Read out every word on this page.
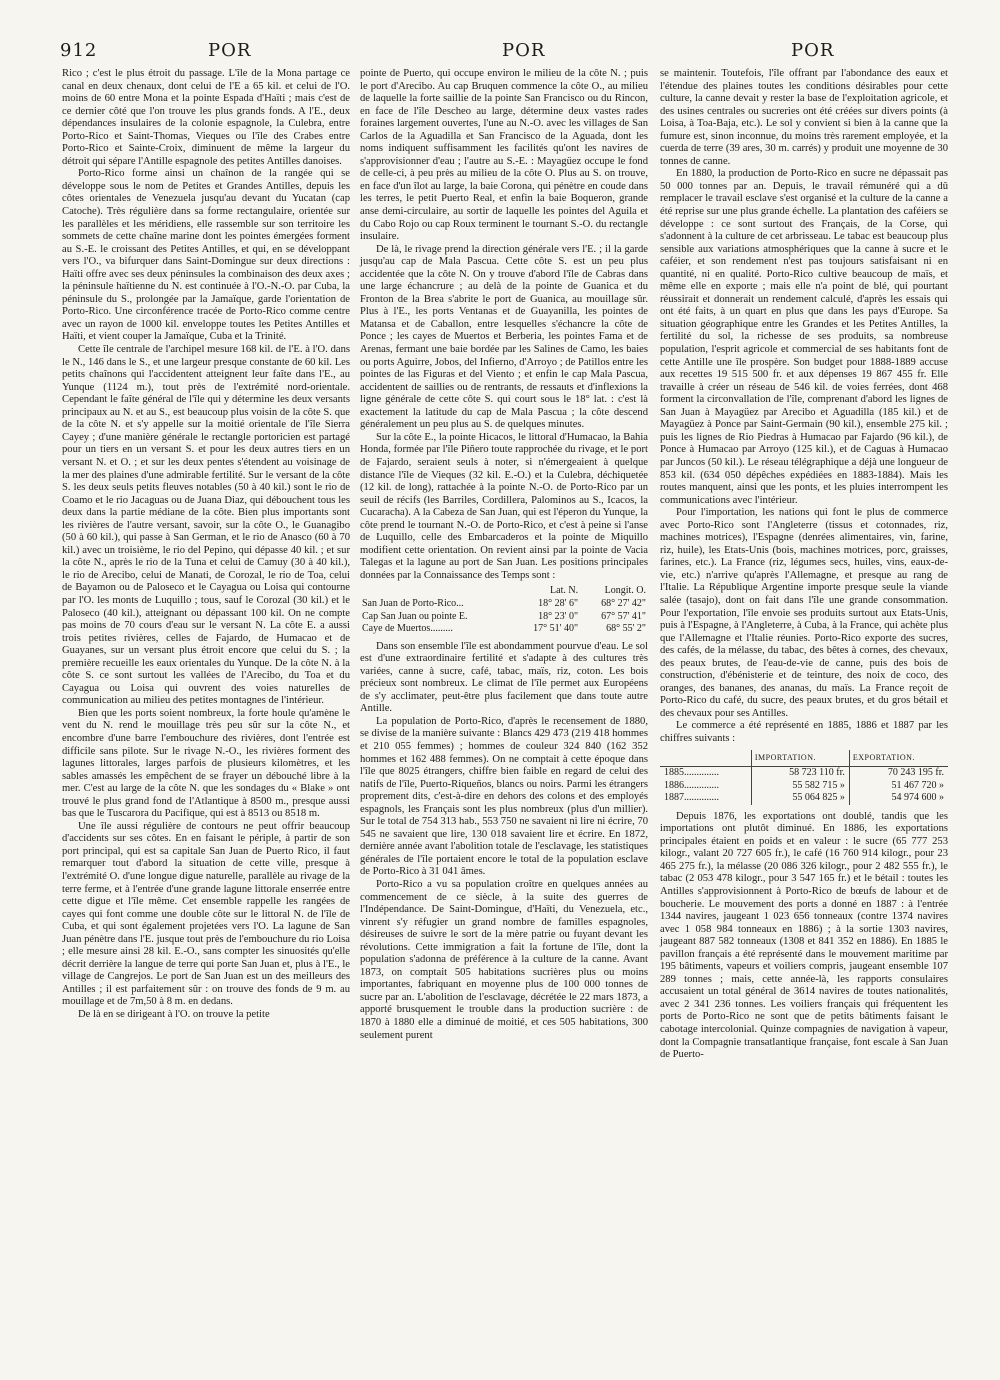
912	POR	POR	POR

Rico ; c'est le plus étroit du passage. L'île de la Mona partage ce canal en deux chenaux, dont celui de l'E a 65 kil. et celui de l'O. moins de 60 entre Mona et la pointe Espada d'Haïti ; mais c'est de ce dernier côté que l'on trouve les plus grands fonds. A l'E., deux dépendances insulaires de la colonie espagnole, la Culebra, entre Porto-Rico et Saint-Thomas, Vieques ou l'île des Crabes entre Porto-Rico et Sainte-Croix, diminuent de même la largeur du détroit qui sépare l'Antille espagnole des petites Antilles danoises.

Porto-Rico forme ainsi un chaînon de la rangée qui se développe sous le nom de Petites et Grandes Antilles, depuis les côtes orientales de Venezuela jusqu'au devant du Yucatan (cap Catoche). Très régulière dans sa forme rectangulaire, orientée sur les parallèles et les méridiens, elle rassemble sur son territoire les sommets de cette chaîne marine dont les pointes émergées forment au S.-E. le croissant des Petites Antilles, et qui, en se développant vers l'O., va bifurquer dans Saint-Domingue sur deux directions : Haïti offre avec ses deux péninsules la combinaison des deux axes ; la péninsule haïtienne du N. est continuée à l'O.-N.-O. par Cuba, la péninsule du S., prolongée par la Jamaïque, garde l'orientation de Porto-Rico. Une circonférence tracée de Porto-Rico comme centre avec un rayon de 1000 kil. enveloppe toutes les Petites Antilles et Haïti, et vient couper la Jamaïque, Cuba et la Trinité.

Cette île centrale de l'archipel mesure 168 kil. de l'E. à l'O. dans le N., 146 dans le S., et une largeur presque constante de 60 kil. Les petits chaînons qui l'accidentent atteignent leur faîte dans l'E., au Yunque (1124 m.), tout près de l'extrémité nord-orientale. Cependant le faîte général de l'île qui y détermine les deux versants principaux au N. et au S., est beaucoup plus voisin de la côte S. que de la côte N. et s'y appelle sur la moitié orientale de l'île Sierra Cayey ; d'une manière générale le rectangle portoricien est partagé pour un tiers en un versant S. et pour les deux autres tiers en un versant N. et O. ; et sur les deux pentes s'étendent au voisinage de la mer des plaines d'une admirable fertilité. Sur le versant de la côte S. les deux seuls petits fleuves notables (50 à 40 kil.) sont le rio de Coamo et le rio Jacaguas ou de Juana Diaz, qui débouchent tous les deux dans la partie médiane de la côte. Bien plus importants sont les rivières de l'autre versant, savoir, sur la côte O., le Guanagibo (50 à 60 kil.), qui passe à San German, et le rio de Anasco (60 à 70 kil.) avec un troisième, le rio del Pepino, qui dépasse 40 kil. ; et sur la côte N., après le rio de la Tuna et celui de Camuy (30 à 40 kil.), le rio de Arecibo, celui de Manati, de Corozal, le rio de Toa, celui de Bayamon ou de Paloseco et le Cayagua ou Loisa qui contourne par l'O. les monts de Luquillo ; tous, sauf le Corozal (30 kil.) et le Paloseco (40 kil.), atteignant ou dépassant 100 kil. On ne compte pas moins de 70 cours d'eau sur le versant N. La côte E. a aussi trois petites rivières, celles de Fajardo, de Humacao et de Guayanes, sur un versant plus étroit encore que celui du S. ; la première recueille les eaux orientales du Yunque. De la côte N. à la côte S. ce sont surtout les vallées de l'Arecibo, du Toa et du Cayagua ou Loisa qui ouvrent des voies naturelles de communication au milieu des petites montagnes de l'intérieur.

Bien que les ports soient nombreux, la forte houle qu'amène le vent du N. rend le mouillage très peu sûr sur la côte N., et encombre d'une barre l'embouchure des rivières, dont l'entrée est difficile sans pilote. Sur le rivage N.-O., les rivières forment des lagunes littorales, larges parfois de plusieurs kilomètres, et les sables amassés les empêchent de se frayer un débouché libre à la mer. C'est au large de la côte N. que les sondages du « Blake » ont trouvé le plus grand fond de l'Atlantique à 8500 m., presque aussi bas que le Tuscarora du Pacifique, qui est à 8513 ou 8518 m.

Une île aussi régulière de contours ne peut offrir beaucoup d'accidents sur ses côtes. En en faisant le périple, à partir de son port principal, qui est sa capitale San Juan de Puerto Rico, il faut remarquer tout d'abord la situation de cette ville, presque à l'extrémité O. d'une longue digue naturelle, parallèle au rivage de la terre ferme, et à l'entrée d'une grande lagune littorale enserrée entre cette digue et l'île même. Cet ensemble rappelle les rangées de cayes qui font comme une double côte sur le littoral N. de l'île de Cuba, et qui sont également projetées vers l'O. La lagune de San Juan pénètre dans l'E. jusque tout près de l'embouchure du rio Loisa ; elle mesure ainsi 28 kil. E.-O., sans compter les sinuosités qu'elle décrit derrière la langue de terre qui porte San Juan et, plus à l'E., le village de Cangrejos. Le port de San Juan est un des meilleurs des Antilles ; il est parfaitement sûr : on trouve des fonds de 9 m. au mouillage et de 7m,50 à 8 m. en dedans.

De là en se dirigeant à l'O. on trouve la petite

pointe de Puerto, qui occupe environ le milieu de la côte N. ; puis le port d'Arecibo. Au cap Bruquen commence la côte O., au milieu de laquelle la forte saillie de la pointe San Francisco ou du Rincon, en face de l'île Descheo au large, détermine deux vastes rades foraines largement ouvertes, l'une au N.-O. avec les villages de San Carlos de la Aguadilla et San Francisco de la Aguada, dont les noms indiquent suffisamment les facilités qu'ont les navires de s'approvisionner d'eau ; l'autre au S.-E. : Mayagüez occupe le fond de celle-ci, à peu près au milieu de la côte O. Plus au S. on trouve, en face d'un îlot au large, la baie Corona, qui pénètre en coude dans les terres, le petit Puerto Real, et enfin la baie Boqueron, grande anse demi-circulaire, au sortir de laquelle les pointes del Aguila et du Cabo Rojo ou cap Roux terminent le tournant S.-O. du rectangle insulaire.

De là, le rivage prend la direction générale vers l'E. ; il la garde jusqu'au cap de Mala Pascua. Cette côte S. est un peu plus accidentée que la côte N. On y trouve d'abord l'île de Cabras dans une large échancrure ; au delà de la pointe de Guanica et du Fronton de la Brea s'abrite le port de Guanica, au mouillage sûr. Plus à l'E., les ports Ventanas et de Guayanilla, les pointes de Matansa et de Caballon, entre lesquelles s'échancre la côte de Ponce ; les cayes de Muertos et Berberia, les pointes Fama et de Arenas, fermant une baie bordée par les Salines de Camo, les baies ou ports Aguirre, Jobos, del Infierno, d'Arroyo ; de Patillos entre les pointes de las Figuras et del Viento ; et enfin le cap Mala Pascua, accidentent de saillies ou de rentrants, de ressauts et d'inflexions la ligne générale de cette côte S. qui court sous le 18° lat. : c'est là exactement la latitude du cap de Mala Pascua ; la côte descend généralement un peu plus au S. de quelques minutes.

Sur la côte E., la pointe Hicacos, le littoral d'Humacao, la Bahia Honda, formée par l'île Piñero toute rapprochée du rivage, et le port de Fajardo, seraient seuls à noter, si n'émergeaient à quelque distance l'île de Vieques (32 kil. E.-O.) et la Culebra, déchiquetée (12 kil. de long), rattachée à la pointe N.-O. de Porto-Rico par un seuil de récifs (les Barriles, Cordillera, Palominos au S., Icacos, la Cucaracha). A la Cabeza de San Juan, qui est l'éperon du Yunque, la côte prend le tournant N.-O. de Porto-Rico, et c'est à peine si l'anse de Luquillo, celle des Embarcaderos et la pointe de Miquillo modifient cette orientation. On revient ainsi par la pointe de Vacia Talegas et la lagune au port de San Juan. Les positions principales données par la Connaissance des Temps sont :

	Lat. N.	Longit. O.
San Juan de Porto-Rico...	18° 28' 6"	68° 27' 42"
Cap San Juan ou pointe E.	18° 23' 0"	67° 57' 41"
Caye de Muertos.........	17° 51' 40"	68° 55' 2"

Dans son ensemble l'île est abondamment pourvue d'eau. Le sol est d'une extraordinaire fertilité et s'adapte à des cultures très variées, canne à sucre, café, tabac, maïs, riz, coton. Les bois précieux sont nombreux. Le climat de l'île permet aux Européens de s'y acclimater, peut-être plus facilement que dans toute autre Antille.

La population de Porto-Rico, d'après le recensement de 1880, se divise de la manière suivante : Blancs 429 473 (219 418 hommes et 210 055 femmes) ; hommes de couleur 324 840 (162 352 hommes et 162 488 femmes). On ne comptait à cette époque dans l'île que 8025 étrangers, chiffre bien faible en regard de celui des natifs de l'île, Puerto-Riqueños, blancs ou noirs. Parmi les étrangers proprement dits, c'est-à-dire en dehors des colons et des employés espagnols, les Français sont les plus nombreux (plus d'un millier). Sur le total de 754 313 hab., 553 750 ne savaient ni lire ni écrire, 70 545 ne savaient que lire, 130 018 savaient lire et écrire. En 1872, dernière année avant l'abolition totale de l'esclavage, les statistiques générales de l'île portaient encore le total de la population esclave de Porto-Rico à 31 041 âmes.

Porto-Rico a vu sa population croître en quelques années au commencement de ce siècle, à la suite des guerres de l'Indépendance. De Saint-Domingue, d'Haïti, du Venezuela, etc., vinrent s'y réfugier un grand nombre de familles espagnoles, désireuses de suivre le sort de la mère patrie ou fuyant devant les révolutions. Cette immigration a fait la fortune de l'île, dont la population s'adonna de préférence à la culture de la canne. Avant 1873, on comptait 505 habitations sucrières plus ou moins importantes, fabriquant en moyenne plus de 100 000 tonnes de sucre par an. L'abolition de l'esclavage, décrétée le 22 mars 1873, a apporté brusquement le trouble dans la production sucrière : de 1870 à 1880 elle a diminué de moitié, et ces 505 habitations, 300 seulement purent

se maintenir. Toutefois, l'île offrant par l'abondance des eaux et l'étendue des plaines toutes les conditions désirables pour cette culture, la canne devait y rester la base de l'exploitation agricole, et des usines centrales ou sucreries ont été créées sur divers points (à Loisa, à Toa-Baja, etc.). Le sol y convient si bien à la canne que la fumure est, sinon inconnue, du moins très rarement employée, et la cuerda de terre (39 ares, 30 m. carrés) y produit une moyenne de 30 tonnes de canne.

En 1880, la production de Porto-Rico en sucre ne dépassait pas 50 000 tonnes par an. Depuis, le travail rémunéré qui a dû remplacer le travail esclave s'est organisé et la culture de la canne a été reprise sur une plus grande échelle. La plantation des caféiers se développe : ce sont surtout des Français, de la Corse, qui s'adonnent à la culture de cet arbrisseau. Le tabac est beaucoup plus sensible aux variations atmosphériques que la canne à sucre et le caféier, et son rendement n'est pas toujours satisfaisant ni en quantité, ni en qualité. Porto-Rico cultive beaucoup de maïs, et même elle en exporte ; mais elle n'a point de blé, qui pourtant réussirait et donnerait un rendement calculé, d'après les essais qui ont été faits, à un quart en plus que dans les pays d'Europe. Sa situation géographique entre les Grandes et les Petites Antilles, la fertilité du sol, la richesse de ses produits, sa nombreuse population, l'esprit agricole et commercial de ses habitants font de cette Antille une île prospère. Son budget pour 1888-1889 accuse aux recettes 19 515 500 fr. et aux dépenses 19 867 455 fr. Elle travaille à créer un réseau de 546 kil. de voies ferrées, dont 468 forment la circonvallation de l'île, comprenant d'abord les lignes de San Juan à Mayagüez par Arecibo et Aguadilla (185 kil.) et de Mayagüez à Ponce par Saint-Germain (90 kil.), ensemble 275 kil. ; puis les lignes de Rio Piedras à Humacao par Fajardo (96 kil.), de Ponce à Humacao par Arroyo (125 kil.), et de Caguas à Humacao par Juncos (50 kil.). Le réseau télégraphique a déjà une longueur de 853 kil. (634 050 dépêches expédiées en 1883-1884). Mais les routes manquent, ainsi que les ponts, et les pluies interrompent les communications avec l'intérieur.

Pour l'importation, les nations qui font le plus de commerce avec Porto-Rico sont l'Angleterre (tissus et cotonnades, riz, machines motrices), l'Espagne (denrées alimentaires, vin, farine, riz, huile), les Etats-Unis (bois, machines motrices, porc, graisses, farines, etc.). La France (riz, légumes secs, huiles, vins, eaux-de-vie, etc.) n'arrive qu'après l'Allemagne, et presque au rang de l'Italie. La République Argentine importe presque seule la viande salée (tasajo), dont on fait dans l'île une grande consommation. Pour l'exportation, l'île envoie ses produits surtout aux Etats-Unis, puis à l'Espagne, à l'Angleterre, à Cuba, à la France, qui achète plus que l'Allemagne et l'Italie réunies. Porto-Rico exporte des sucres, des cafés, de la mélasse, du tabac, des bêtes à cornes, des chevaux, des peaux brutes, de l'eau-de-vie de canne, puis des bois de construction, d'ébénisterie et de teinture, des noix de coco, des oranges, des bananes, des ananas, du maïs. La France reçoit de Porto-Rico du café, du sucre, des peaux brutes, et du gros bétail et des chevaux pour ses Antilles.

Le commerce a été représenté en 1885, 1886 et 1887 par les chiffres suivants :

	IMPORTATION.	EXPORTATION.
1885..............	58 723 110 fr.	70 243 195 fr.
1886..............	55 582 715 »	51 467 720 »
1887..............	55 064 825 »	54 974 600 »

Depuis 1876, les exportations ont doublé, tandis que les importations ont plutôt diminué. En 1886, les exportations principales étaient en poids et en valeur : le sucre (65 777 253 kilogr., valant 20 727 605 fr.), le café (16 760 914 kilogr., pour 23 465 275 fr.), la mélasse (20 086 326 kilogr., pour 2 482 555 fr.), le tabac (2 053 478 kilogr., pour 3 547 165 fr.) et le bétail : toutes les Antilles s'approvisionnent à Porto-Rico de bœufs de labour et de boucherie. Le mouvement des ports a donné en 1887 : à l'entrée 1344 navires, jaugeant 1 023 656 tonneaux (contre 1374 navires avec 1 058 984 tonneaux en 1886) ; à la sortie 1303 navires, jaugeant 887 582 tonneaux (1308 et 841 352 en 1886). En 1885 le pavillon français a été représenté dans le mouvement maritime par 195 bâtiments, vapeurs et voiliers compris, jaugeant ensemble 107 289 tonnes ; mais, cette année-là, les rapports consulaires accusaient un total général de 3614 navires de toutes nationalités, avec 2 341 236 tonnes. Les voiliers français qui fréquentent les ports de Porto-Rico ne sont que de petits bâtiments faisant le cabotage intercolonial. Quinze compagnies de navigation à vapeur, dont la Compagnie transatlantique française, font escale à San Juan de Puerto-
